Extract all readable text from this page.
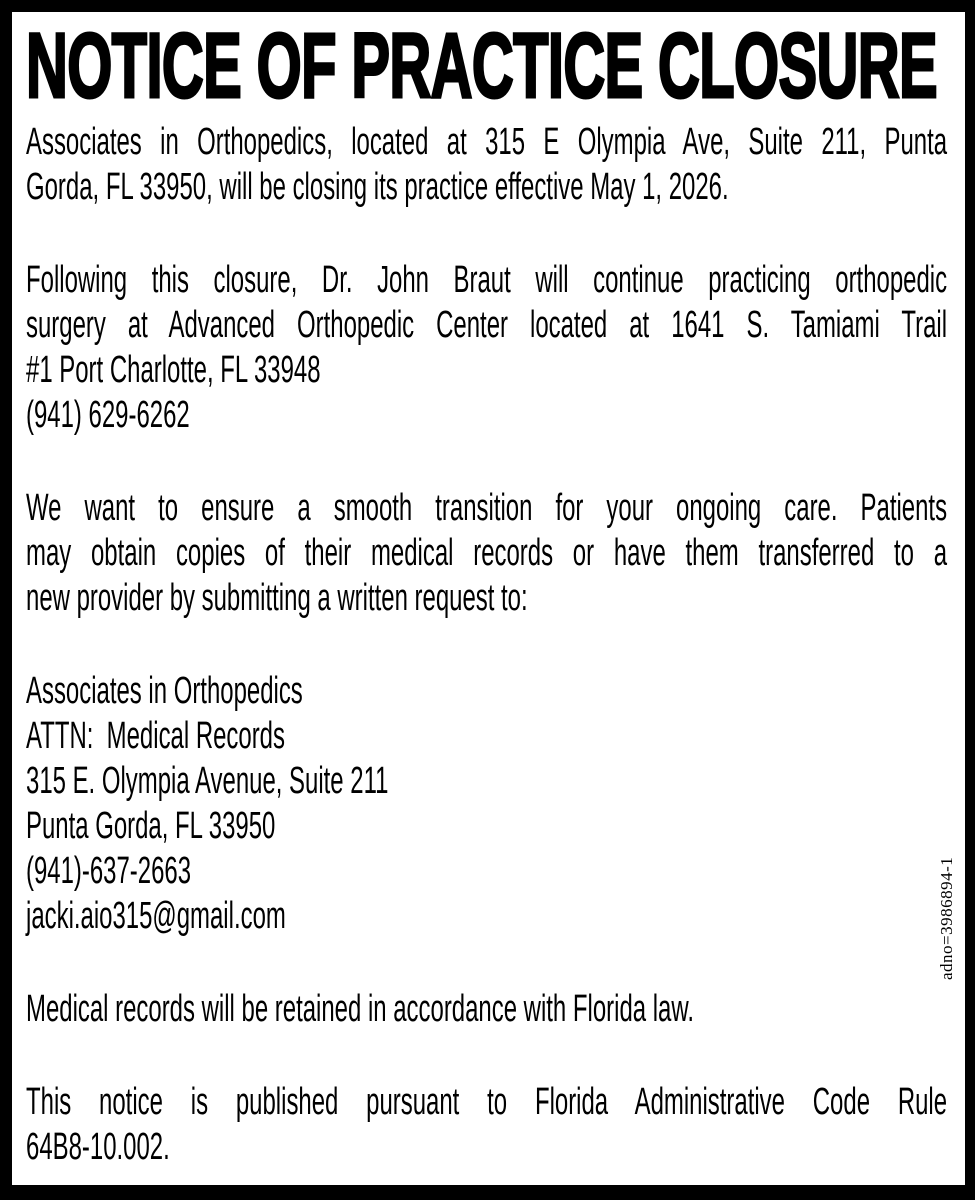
NOTICE OF PRACTICE CLOSURE
Associates in Orthopedics, located at 315 E Olympia Ave, Suite 211, Punta
Gorda, FL 33950, will be closing its practice effective May 1, 2026.
Following this closure, Dr. John Braut will continue practicing orthopedic
surgery at Advanced Orthopedic Center located at 1641 S. Tamiami Trail
#1 Port Charlotte, FL 33948
(941) 629-6262
We want to ensure a smooth transition for your ongoing care. Patients
may obtain copies of their medical records or have them transferred to a
new provider by submitting a written request to:
Associates in Orthopedics
ATTN:  Medical Records
315 E. Olympia Avenue, Suite 211
Punta Gorda, FL 33950
(941)-637-2663
jacki.aio315@gmail.com
Medical records will be retained in accordance with Florida law.
This notice is published pursuant to Florida Administrative Code Rule
64B8-10.002.
adno=3986894-1
